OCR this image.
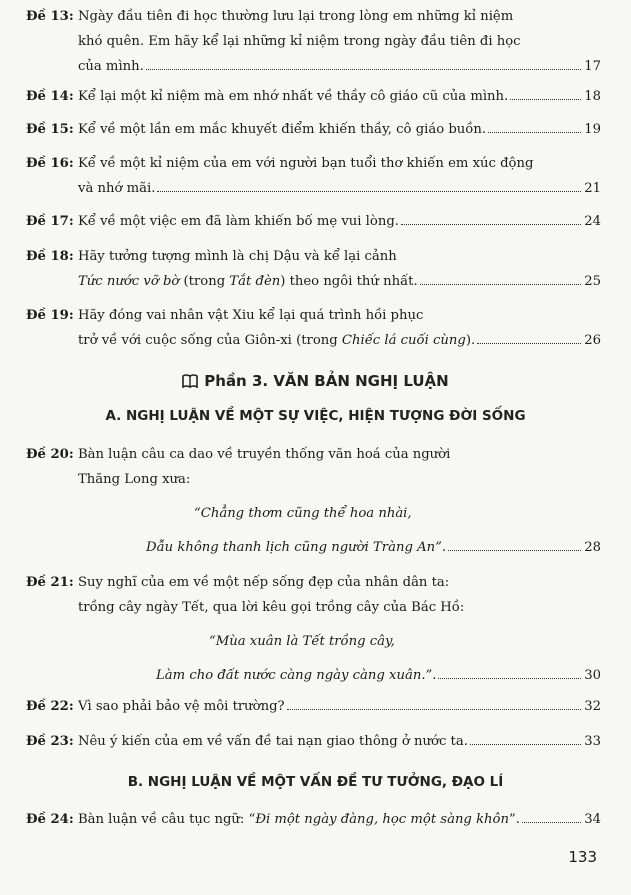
Đề 13:
Ngày đầu tiên đi học thường lưu lại trong lòng em những kỉ niệm
khó quên. Em hãy kể lại những kỉ niệm trong ngày đầu tiên đi học
của mình.	17
Đề 14:
Kể lại một kỉ niệm mà em nhớ nhất về thầy cô giáo cũ của mình.	18
Đề 15:
Kể về một lần em mắc khuyết điểm khiến thầy, cô giáo buồn.	19
Đề 16:
Kể về một kỉ niệm của em với người bạn tuổi thơ khiến em xúc động
và nhớ mãi.	21
Đề 17:
Kể về một việc em đã làm khiến bố mẹ vui lòng.	24
Đề 18:
Hãy tưởng tượng mình là chị Dậu và kể lại cảnh
Tức nước vỡ bờ (trong Tắt đèn ) theo ngôi thứ nhất.	25
Đề 19:
Hãy đóng vai nhân vật Xiu kể lại quá trình hồi phục
trở về với cuộc sống của Giôn-xi (trong Chiếc lá cuối cùng ).	26
Phần 3. VĂN BẢN NGHỊ LUẬN
A. NGHỊ LUẬN VỀ MỘT SỰ VIỆC, HIỆN TƯỢNG ĐỜI SỐNG
Đề 20:
Bàn luận câu ca dao về truyền thống văn hoá của người
Thăng Long xưa:
“Chẳng thơm cũng thể hoa nhài,
Dẫu không thanh lịch cũng người Tràng An”.	28
Đề 21:
Suy nghĩ của em về một nếp sống đẹp của nhân dân ta:
trồng cây ngày Tết, qua lời kêu gọi trồng cây của Bác Hồ:
“Mùa xuân là Tết trồng cây,
Làm cho đất nước càng ngày càng xuân.”.	30
Đề 22:
Vì sao phải bảo vệ môi trường?	32
Đề 23:
Nêu ý kiến của em về vấn đề tai nạn giao thông ở nước ta.	33
B. NGHỊ LUẬN VỀ MỘT VẤN ĐỀ TƯ TƯỞNG, ĐẠO LÍ
Đề 24:
Bàn luận về câu tục ngữ: “ Đi một ngày đàng, học một sàng khôn ”.	34
133
